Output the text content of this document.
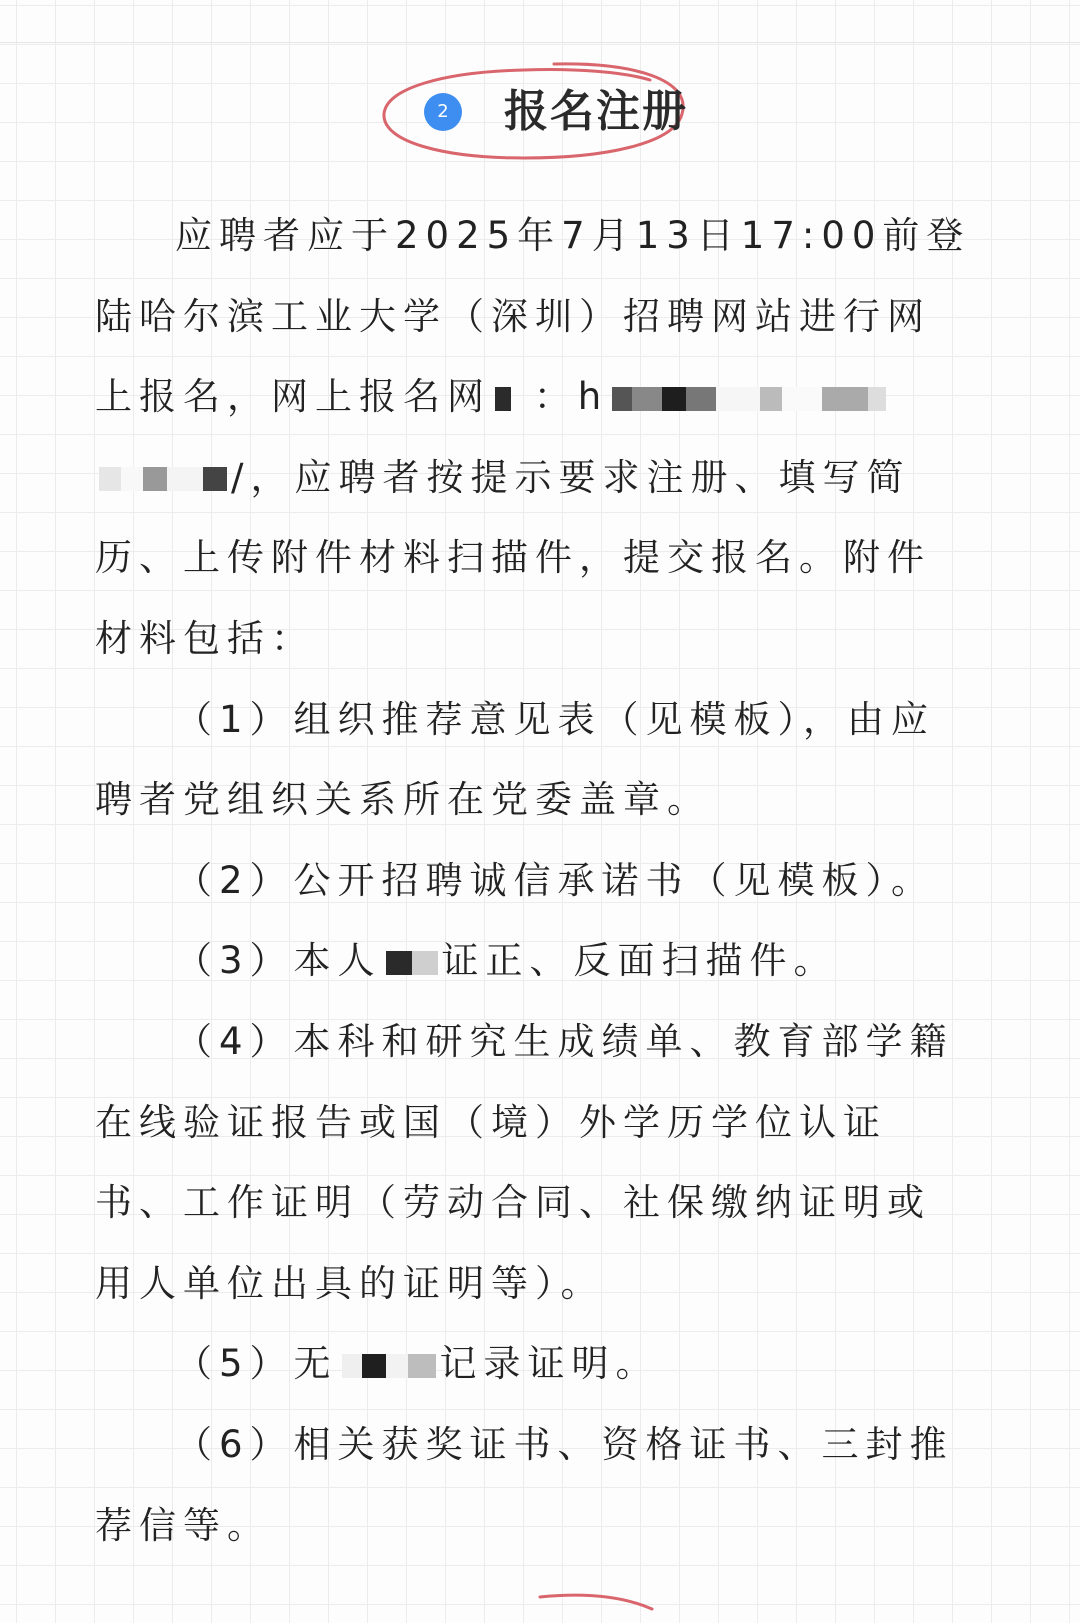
2	报名注册
应聘者应于2025年7月13日17:00前登
陆哈尔滨工业大学（深圳）招聘网站进行网
上报名，网上报名网 ：h
/，应聘者按提示要求注册、填写简
历、上传附件材料扫描件，提交报名。附件
材料包括：
（1）组织推荐意见表（见模板），由应
聘者党组织关系所在党委盖章。
（2）公开招聘诚信承诺书（见模板）。
（3）本人 证正、反面扫描件。
（4）本科和研究生成绩单、教育部学籍
在线验证报告或国（境）外学历学位认证
书、工作证明（劳动合同、社保缴纳证明或
用人单位出具的证明等）。
（5）无	记录证明。
（6）相关获奖证书、资格证书、三封推
荐信等。
